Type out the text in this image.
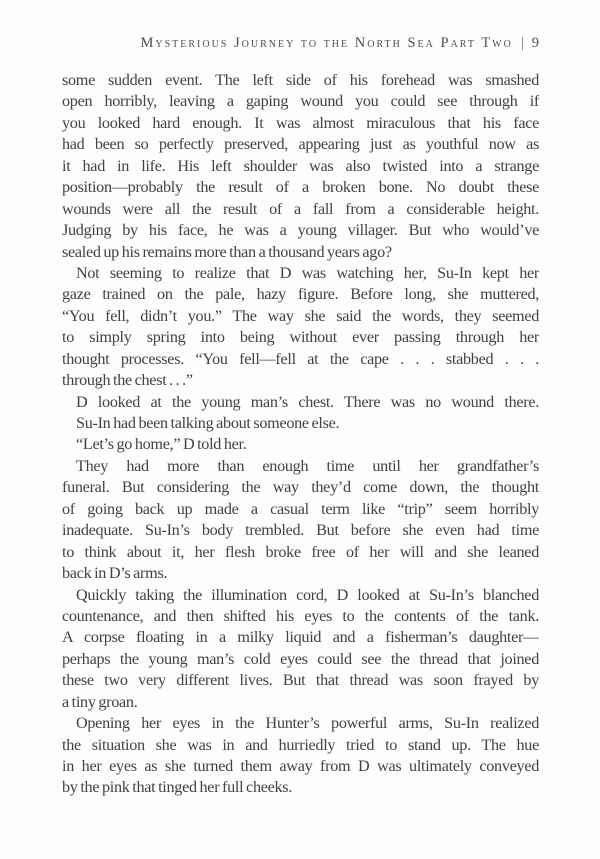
Mysterious Journey to the North Sea Part Two | 9
some sudden event. The left side of his forehead was smashed
open horribly, leaving a gaping wound you could see through if
you looked hard enough. It was almost miraculous that his face
had been so perfectly preserved, appearing just as youthful now as
it had in life. His left shoulder was also twisted into a strange
position—probably the result of a broken bone. No doubt these
wounds were all the result of a fall from a considerable height.
Judging by his face, he was a young villager. But who would’ve
sealed up his remains more than a thousand years ago?
Not seeming to realize that D was watching her, Su-In kept her
gaze trained on the pale, hazy figure. Before long, she muttered,
“You fell, didn’t you.” The way she said the words, they seemed
to simply spring into being without ever passing through her
thought processes. “You fell—fell at the cape . . . stabbed . . .
through the chest . . .”
D looked at the young man’s chest. There was no wound there.
Su-In had been talking about someone else.
“Let’s go home,” D told her.
They had more than enough time until her grandfather’s
funeral. But considering the way they’d come down, the thought
of going back up made a casual term like “trip” seem horribly
inadequate. Su-In’s body trembled. But before she even had time
to think about it, her flesh broke free of her will and she leaned
back in D’s arms.
Quickly taking the illumination cord, D looked at Su-In’s blanched
countenance, and then shifted his eyes to the contents of the tank.
A corpse floating in a milky liquid and a fisherman’s daughter—
perhaps the young man’s cold eyes could see the thread that joined
these two very different lives. But that thread was soon frayed by
a tiny groan.
Opening her eyes in the Hunter’s powerful arms, Su-In realized
the situation she was in and hurriedly tried to stand up. The hue
in her eyes as she turned them away from D was ultimately conveyed
by the pink that tinged her full cheeks.
